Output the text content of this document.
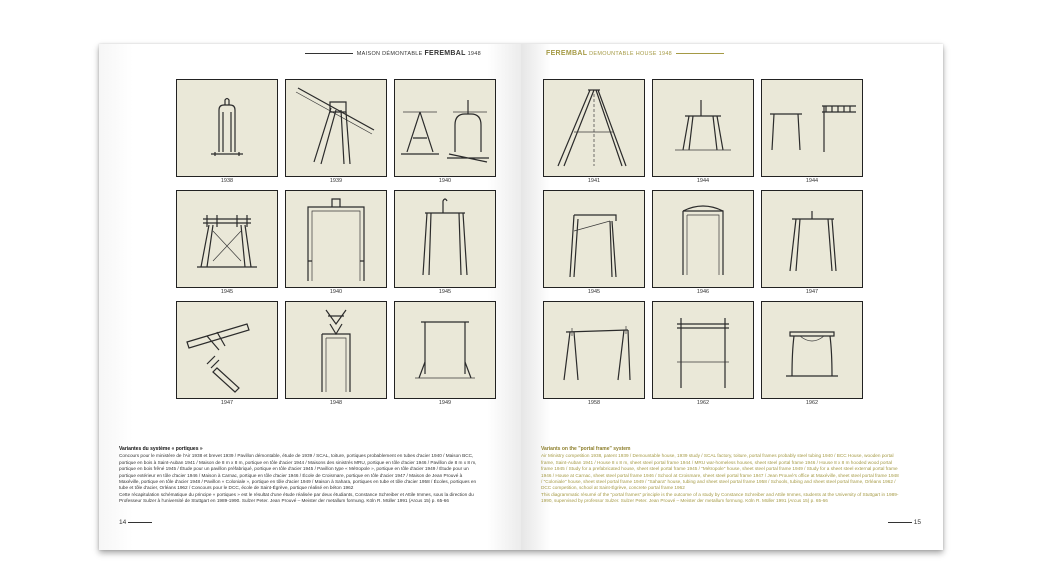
MAISON DÉMONTABLE FEREMBAL 1948
1938	1939	1940
1945	1940	1945
1947	1948	1949
Variantes du système « portiques »
Concours pour le ministère de l'Air 1938 et brevet 1939 / Pavillon démontable, étude de 1939 / SCAL, toiture, portiques probablement en tubes d'acier 1940 / Maison BCC, portique en bois à Saint-Auban 1941 / Maison de 8 m x 8 m, portique en tôle d'acier 1944 / Maisons des sinistrés MRU, portique en tôle d'acier 1946 / Pavillon de 8 m x 8 m, portique en bois frêné 1945 / Étude pour un pavillon préfabriqué, portique en tôle d'acier 1945 / Pavillon type « Métropole », portique en tôle d'acier 1949 / Étude pour un portique extérieur en tôle d'acier 1946 / Maison à Carnac, portique en tôle d'acier 1946 / École de Croismare, portique en tôle d'acier 1947 / Maison de Jean Prouvé à Maxéville, portique en tôle d'acier 1948 / Pavillon « Coloniale », portique en tôle d'acier 1949 / Maison à Sahara, portiques en tube et tôle d'acier 1958 / Écoles, portiques en tube et tôle d'acier, Orléans 1962 / Concours pour le DCC, école de Saint-Égrève, portique réalisé en béton 1962
Cette récapitulation schématique du principe « portiques » est le résultat d'une étude réalisée par deux étudiants, Constance Schreiber et Attile Immes, sous la direction du Professeur Sulzer à l'université de Stuttgart en 1989-1990. Sulzer Peter. Jean Prouvé – Meister der metallum formung. Köln R. Müller 1991 (Arcus 15) p. 65-66
14
FEREMBAL DEMOUNTABLE HOUSE 1948
1941	1944	1944
1945	1946	1947
1958	1962	1962
Variants on the "portal frame" system
Air Ministry competition 1938, patent 1939 / Demountable house, 1939 study / SCAL factory, toiture, portal frames probably steel tubing 1940 / BCC House, wooden portal frame, Saint-Auban 1941 / House 8 x 8 m, sheet steel portal frame 1944 / MRU war-homeless houses, sheet steel portal frame 1946 / House 8 x 8 m hooded wood portal frame 1945 / Study for a prefabricated house, sheet steel portal frame 1945 / "Métropole" house, sheet steel portal frame 1949 / Study for a sheet steel external portal frame 1946 / House at Carnac, sheet steel portal frame 1946 / School at Croismare, sheet steel portal frame 1947 / Jean Prouvé's office at Maxéville, sheet steel portal frame 1948 / "Coloniale" house, sheet steel portal frame 1949 / "Sahara" house, tubing and sheet steel portal frame 1958 / Schools, tubing and sheet steel portal frame, Orléans 1962 / DCC competition, school at Saint-Égrève, concrete portal frame 1962
This diagrammatic résumé of the "portal frames" principle is the outcome of a study by Constance Schreiber and Attile Immes, students at the University of Stuttgart in 1989-1990, supervised by professor Sulzer. Sulzer Peter. Jean Prouvé – Meister der metallum formung. Köln R. Müller 1991 (Arcus 15) p. 65-66
15
